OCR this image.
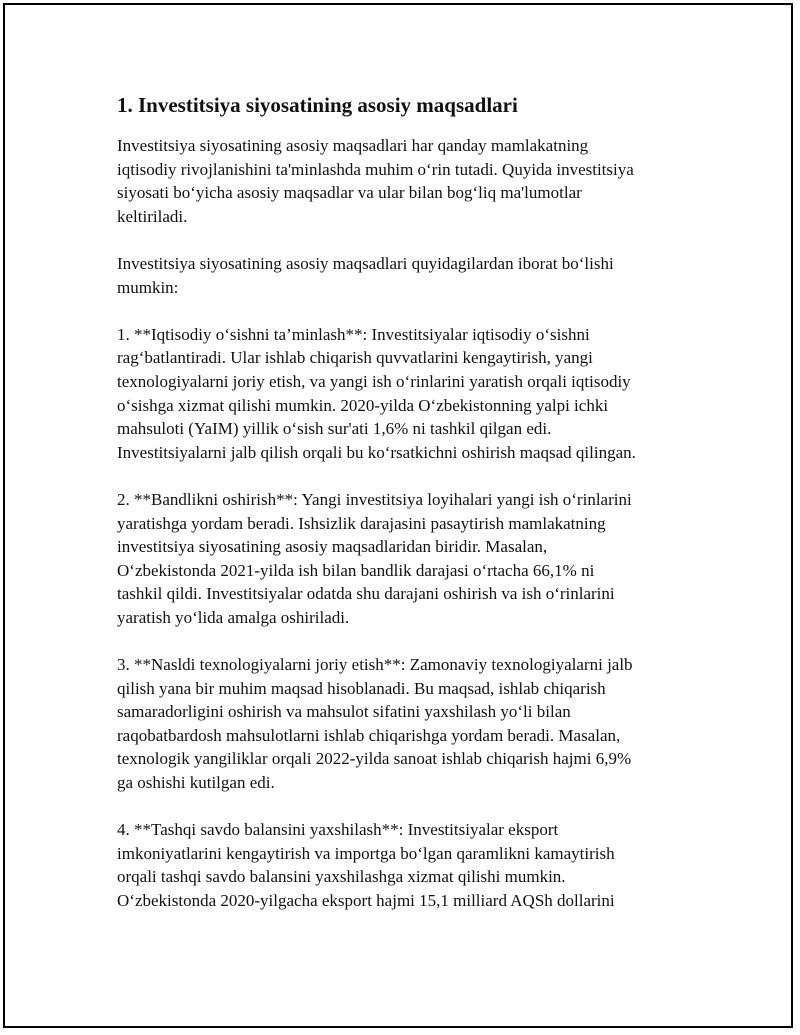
1. Investitsiya siyosatining asosiy maqsadlari

Investitsiya siyosatining asosiy maqsadlari har qanday mamlakatning
iqtisodiy rivojlanishini ta'minlashda muhim o‘rin tutadi. Quyida investitsiya
siyosati bo‘yicha asosiy maqsadlar va ular bilan bog‘liq ma'lumotlar
keltiriladi.

Investitsiya siyosatining asosiy maqsadlari quyidagilardan iborat bo‘lishi
mumkin:

1. **Iqtisodiy o‘sishni ta’minlash**: Investitsiyalar iqtisodiy o‘sishni
rag‘batlantiradi. Ular ishlab chiqarish quvvatlarini kengaytirish, yangi
texnologiyalarni joriy etish, va yangi ish o‘rinlarini yaratish orqali iqtisodiy
o‘sishga xizmat qilishi mumkin. 2020-yilda O‘zbekistonning yalpi ichki
mahsuloti (YaIM) yillik o‘sish sur'ati 1,6% ni tashkil qilgan edi.
Investitsiyalarni jalb qilish orqali bu ko‘rsatkichni oshirish maqsad qilingan.

2. **Bandlikni oshirish**: Yangi investitsiya loyihalari yangi ish o‘rinlarini
yaratishga yordam beradi. Ishsizlik darajasini pasaytirish mamlakatning
investitsiya siyosatining asosiy maqsadlaridan biridir. Masalan,
O‘zbekistonda 2021-yilda ish bilan bandlik darajasi o‘rtacha 66,1% ni
tashkil qildi. Investitsiyalar odatda shu darajani oshirish va ish o‘rinlarini
yaratish yo‘lida amalga oshiriladi.

3. **Nasldi texnologiyalarni joriy etish**: Zamonaviy texnologiyalarni jalb
qilish yana bir muhim maqsad hisoblanadi. Bu maqsad, ishlab chiqarish
samaradorligini oshirish va mahsulot sifatini yaxshilash yo‘li bilan
raqobatbardosh mahsulotlarni ishlab chiqarishga yordam beradi. Masalan,
texnologik yangiliklar orqali 2022-yilda sanoat ishlab chiqarish hajmi 6,9%
ga oshishi kutilgan edi.

4. **Tashqi savdo balansini yaxshilash**: Investitsiyalar eksport
imkoniyatlarini kengaytirish va importga bo‘lgan qaramlikni kamaytirish
orqali tashqi savdo balansini yaxshilashga xizmat qilishi mumkin.
O‘zbekistonda 2020-yilgacha eksport hajmi 15,1 milliard AQSh dollarini
